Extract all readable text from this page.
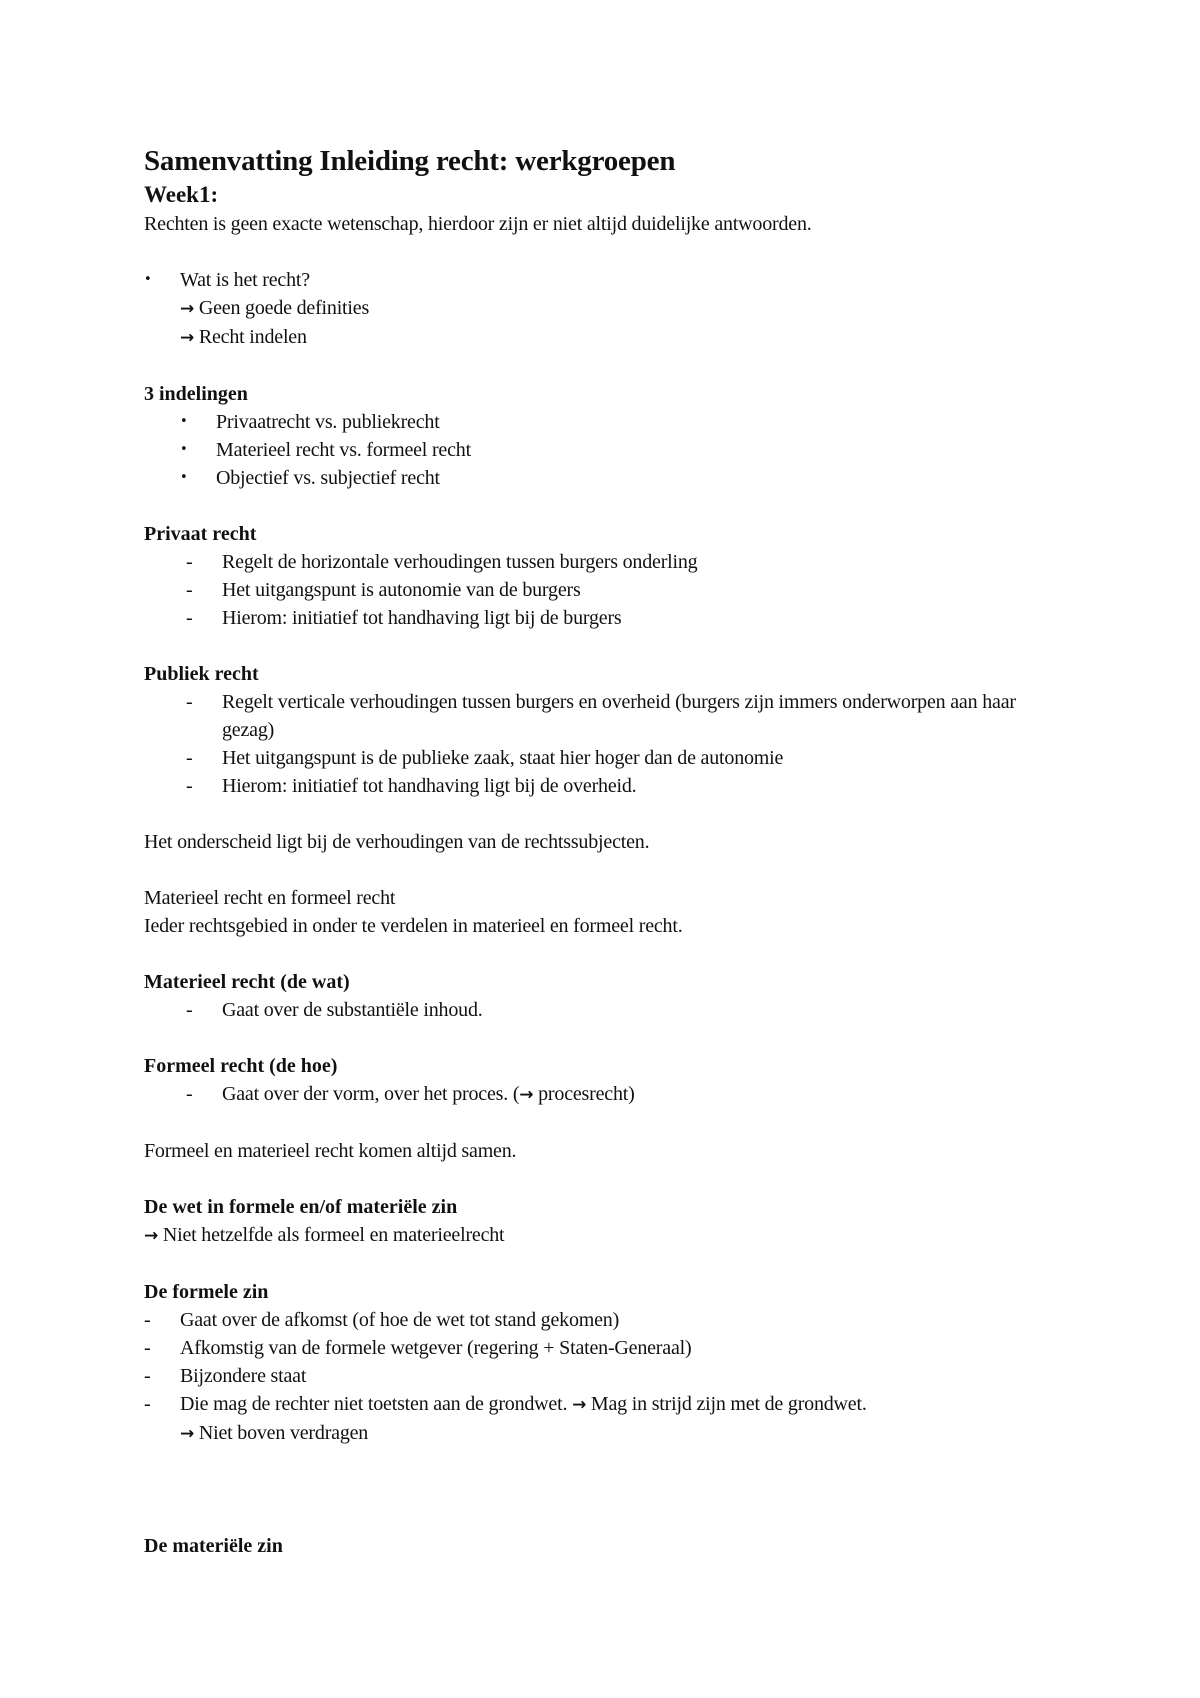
Samenvatting Inleiding recht: werkgroepen
Week1:
Rechten is geen exacte wetenschap, hierdoor zijn er niet altijd duidelijke antwoorden.
•	Wat is het recht?
→ Geen goede definities
→ Recht indelen
3 indelingen
•	Privaatrecht vs. publiekrecht
•	Materieel recht vs. formeel recht
•	Objectief vs. subjectief recht
Privaat recht
-	Regelt de horizontale verhoudingen tussen burgers onderling
-	Het uitgangspunt is autonomie van de burgers
-	Hierom: initiatief tot handhaving ligt bij de burgers
Publiek recht
-	Regelt verticale verhoudingen tussen burgers en overheid (burgers zijn immers onderworpen aan haar gezag)
-	Het uitgangspunt is de publieke zaak, staat hier hoger dan de autonomie
-	Hierom: initiatief tot handhaving ligt bij de overheid.
Het onderscheid ligt bij de verhoudingen van de rechtssubjecten.
Materieel recht en formeel recht
Ieder rechtsgebied in onder te verdelen in materieel en formeel recht.
Materieel recht (de wat)
-	Gaat over de substantiële inhoud.
Formeel recht (de hoe)
-	Gaat over der vorm, over het proces. (→ procesrecht)
Formeel en materieel recht komen altijd samen.
De wet in formele en/of materiële zin
→ Niet hetzelfde als formeel en materieelrecht
De formele zin
-	Gaat over de afkomst (of hoe de wet tot stand gekomen)
-	Afkomstig van de formele wetgever (regering + Staten-Generaal)
-	Bijzondere staat
-	Die mag de rechter niet toetsten aan de grondwet. → Mag in strijd zijn met de grondwet.
→ Niet boven verdragen
De materiële zin
